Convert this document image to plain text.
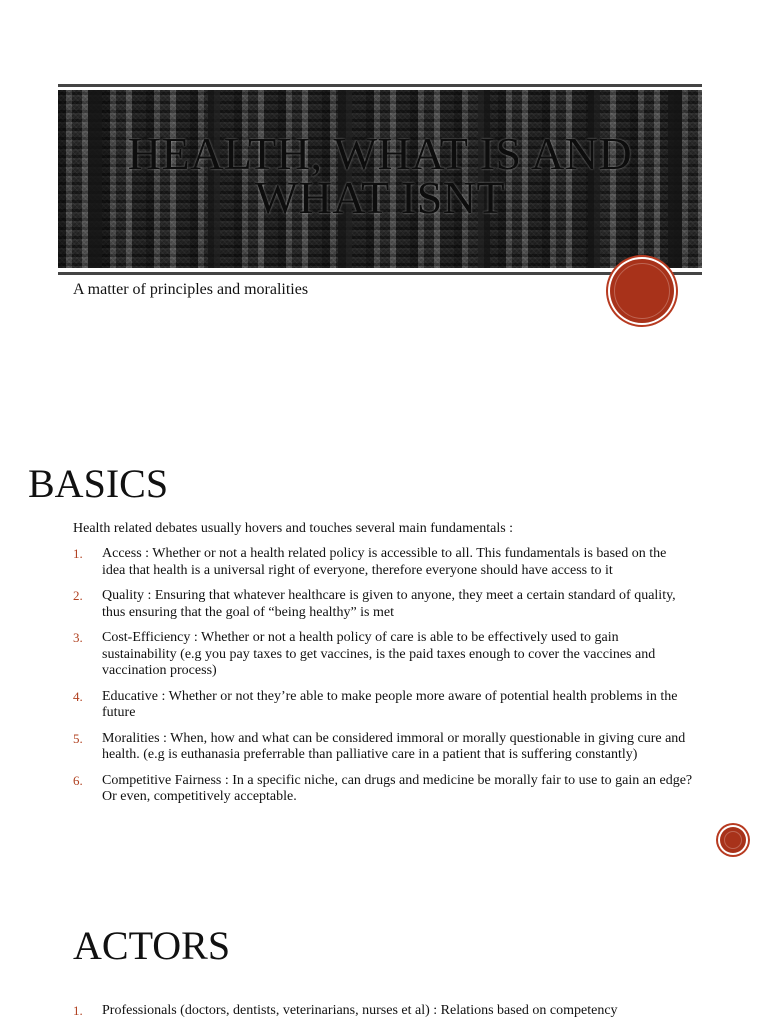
HEALTH, WHAT IS AND WHAT ISNT
A matter of principles and moralities
BASICS
Health related debates usually hovers and touches several main fundamentals :
1. Access : Whether or not a health related policy is accessible to all. This fundamentals is based on the idea that health is a universal right of everyone, therefore everyone should have access to it
2. Quality : Ensuring that whatever healthcare is given to anyone, they meet a certain standard of quality, thus ensuring that the goal of “being healthy” is met
3. Cost-Efficiency : Whether or not a health policy of care is able to be effectively used to gain sustainability (e.g you pay taxes to get vaccines, is the paid taxes enough to cover the vaccines and vaccination process)
4. Educative : Whether or not they’re able to make people more aware of potential health problems in the future
5. Moralities : When, how and what can be considered immoral or morally questionable in giving cure and health. (e.g is euthanasia preferrable than palliative care in a patient that is suffering constantly)
6. Competitive Fairness : In a specific niche, can drugs and medicine be morally fair to use to gain an edge? Or even, competitively acceptable.
ACTORS
1. Professionals (doctors, dentists, veterinarians, nurses et al) : Relations based on competency
